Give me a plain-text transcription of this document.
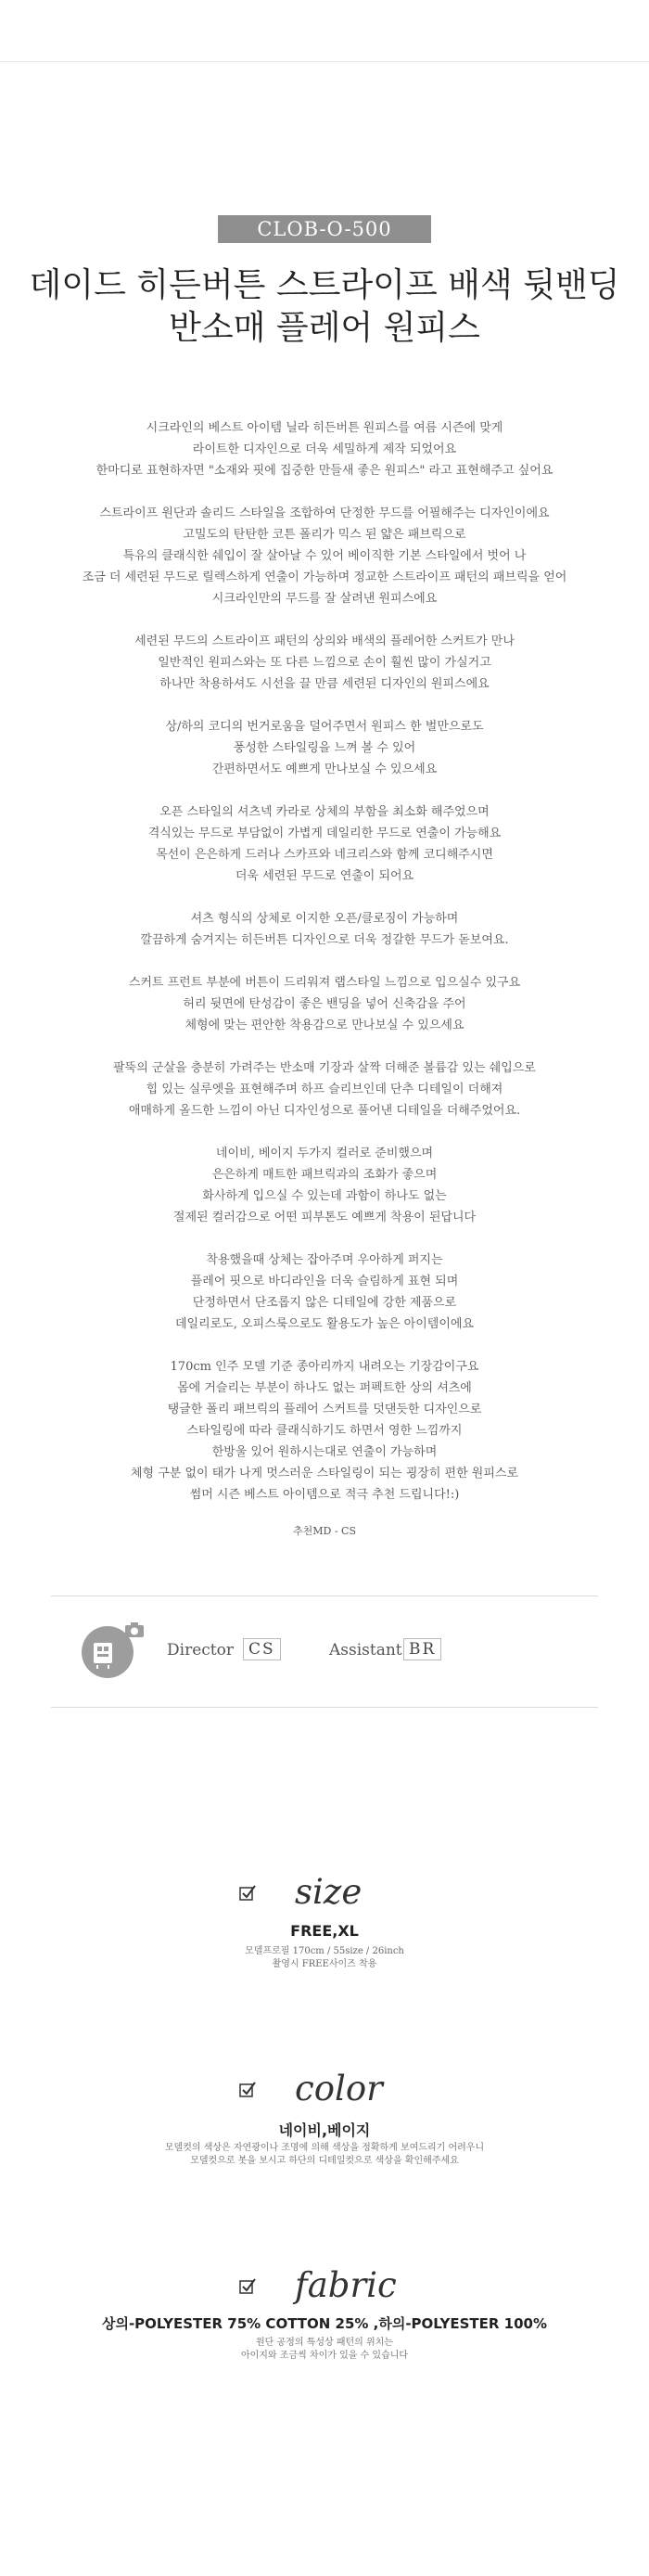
CLOB-O-500
데이드 히든버튼 스트라이프 배색 뒷밴딩
반소매 플레어 원피스

시크라인의 베스트 아이템 닐라 히든버튼 원피스를 여름 시즌에 맞게
라이트한 디자인으로 더욱 세밀하게 제작 되었어요
한마디로 표현하자면 "소재와 핏에 집중한 만들새 좋은 원피스" 라고 표현해주고 싶어요

스트라이프 원단과 솔리드 스타일을 조합하여 단정한 무드를 어필해주는 디자인이에요
고밀도의 탄탄한 코튼 폴리가 믹스 된 얇은 패브릭으로
특유의 클래식한 쉐입이 잘 살아날 수 있어 베이직한 기본 스타일에서 벗어 나
조금 더 세련된 무드로 릴렉스하게 연출이 가능하며 정교한 스트라이프 패턴의 패브릭을 얻어
시크라인만의 무드를 잘 살려낸 원피스에요

세련된 무드의 스트라이프 패턴의 상의와 배색의 플레어한 스커트가 만나
일반적인 원피스와는 또 다른 느낌으로 손이 훨씬 많이 가실거고
하나만 착용하셔도 시선을 끌 만큼 세련된 디자인의 원피스에요

상/하의 코디의 번거로움을 덜어주면서 원피스 한 벌만으로도
풍성한 스타일링을 느껴 볼 수 있어
간편하면서도 예쁘게 만나보실 수 있으세요

오픈 스타일의 셔츠넥 카라로 상체의 부함을 최소화 해주었으며
격식있는 무드로 부담없이 가볍게 데일리한 무드로 연출이 가능해요
목선이 은은하게 드러나 스카프와 네크리스와 함께 코디해주시면
더욱 세련된 무드로 연출이 되어요

셔츠 형식의 상체로 이지한 오픈/클로징이 가능하며
깔끔하게 숨겨지는 히든버튼 디자인으로 더욱 정갈한 무드가 돋보여요.

스커트 프런트 부분에 버튼이 드리워져 랩스타일 느낌으로 입으실수 있구요
허리 뒷면에 탄성감이 좋은 밴딩을 넣어 신축감을 주어
체형에 맞는 편안한 착용감으로 만나보실 수 있으세요

팔뚝의 군살을 충분히 가려주는 반소매 기장과 살짝 더해준 볼륨감 있는 쉐입으로
힙 있는 실루엣을 표현해주며 하프 슬리브인데 단추 디테일이 더해져
애매하게 올드한 느낌이 아닌 디자인성으로 풀어낸 디테일을 더해주었어요.

네이비, 베이지 두가지 컬러로 준비했으며
은은하게 매트한 패브릭과의 조화가 좋으며
화사하게 입으실 수 있는데 과함이 하나도 없는
절제된 컬러감으로 어떤 피부톤도 예쁘게 착용이 된답니다

착용했을때 상체는 잡아주며 우아하게 퍼지는
플레어 핏으로 바디라인을 더욱 슬림하게 표현 되며
단정하면서 단조롭지 않은 디테일에 강한 제품으로
데일리로도, 오피스룩으로도 활용도가 높은 아이템이에요

170cm 인주 모델 기준 종아리까지 내려오는 기장감이구요
몸에 거슬리는 부분이 하나도 없는 퍼펙트한 상의 셔츠에
탱글한 폴리 패브릭의 플레어 스커트를 덧댄듯한 디자인으로
스타일링에 따라 클래식하기도 하면서 영한 느낌까지
한방울 있어 원하시는대로 연출이 가능하며
체형 구분 없이 태가 나게 멋스러운 스타일링이 되는 굉장히 편한 원피스로
썸머 시즌 베스트 아이템으로 적극 추천 드립니다!:)

추천MD - CS
Director CS	Assistant BR
size
FREE,XL
모델프로필 170cm / 55size / 26inch
촬영시 FREE사이즈 착용
color
네이비,베이지
모델컷의 색상은 자연광이나 조명에 의해 색상을 정확하게 보여드리기 어려우니
모델컷으로 봇을 보시고 하단의 디테일컷으로 색상을 확인해주세요
fabric
상의-POLYESTER 75% COTTON 25% ,하의-POLYESTER 100%
원단 공정의 특성상 패턴의 위치는
아이지와 조금씩 차이가 있을 수 있습니다
